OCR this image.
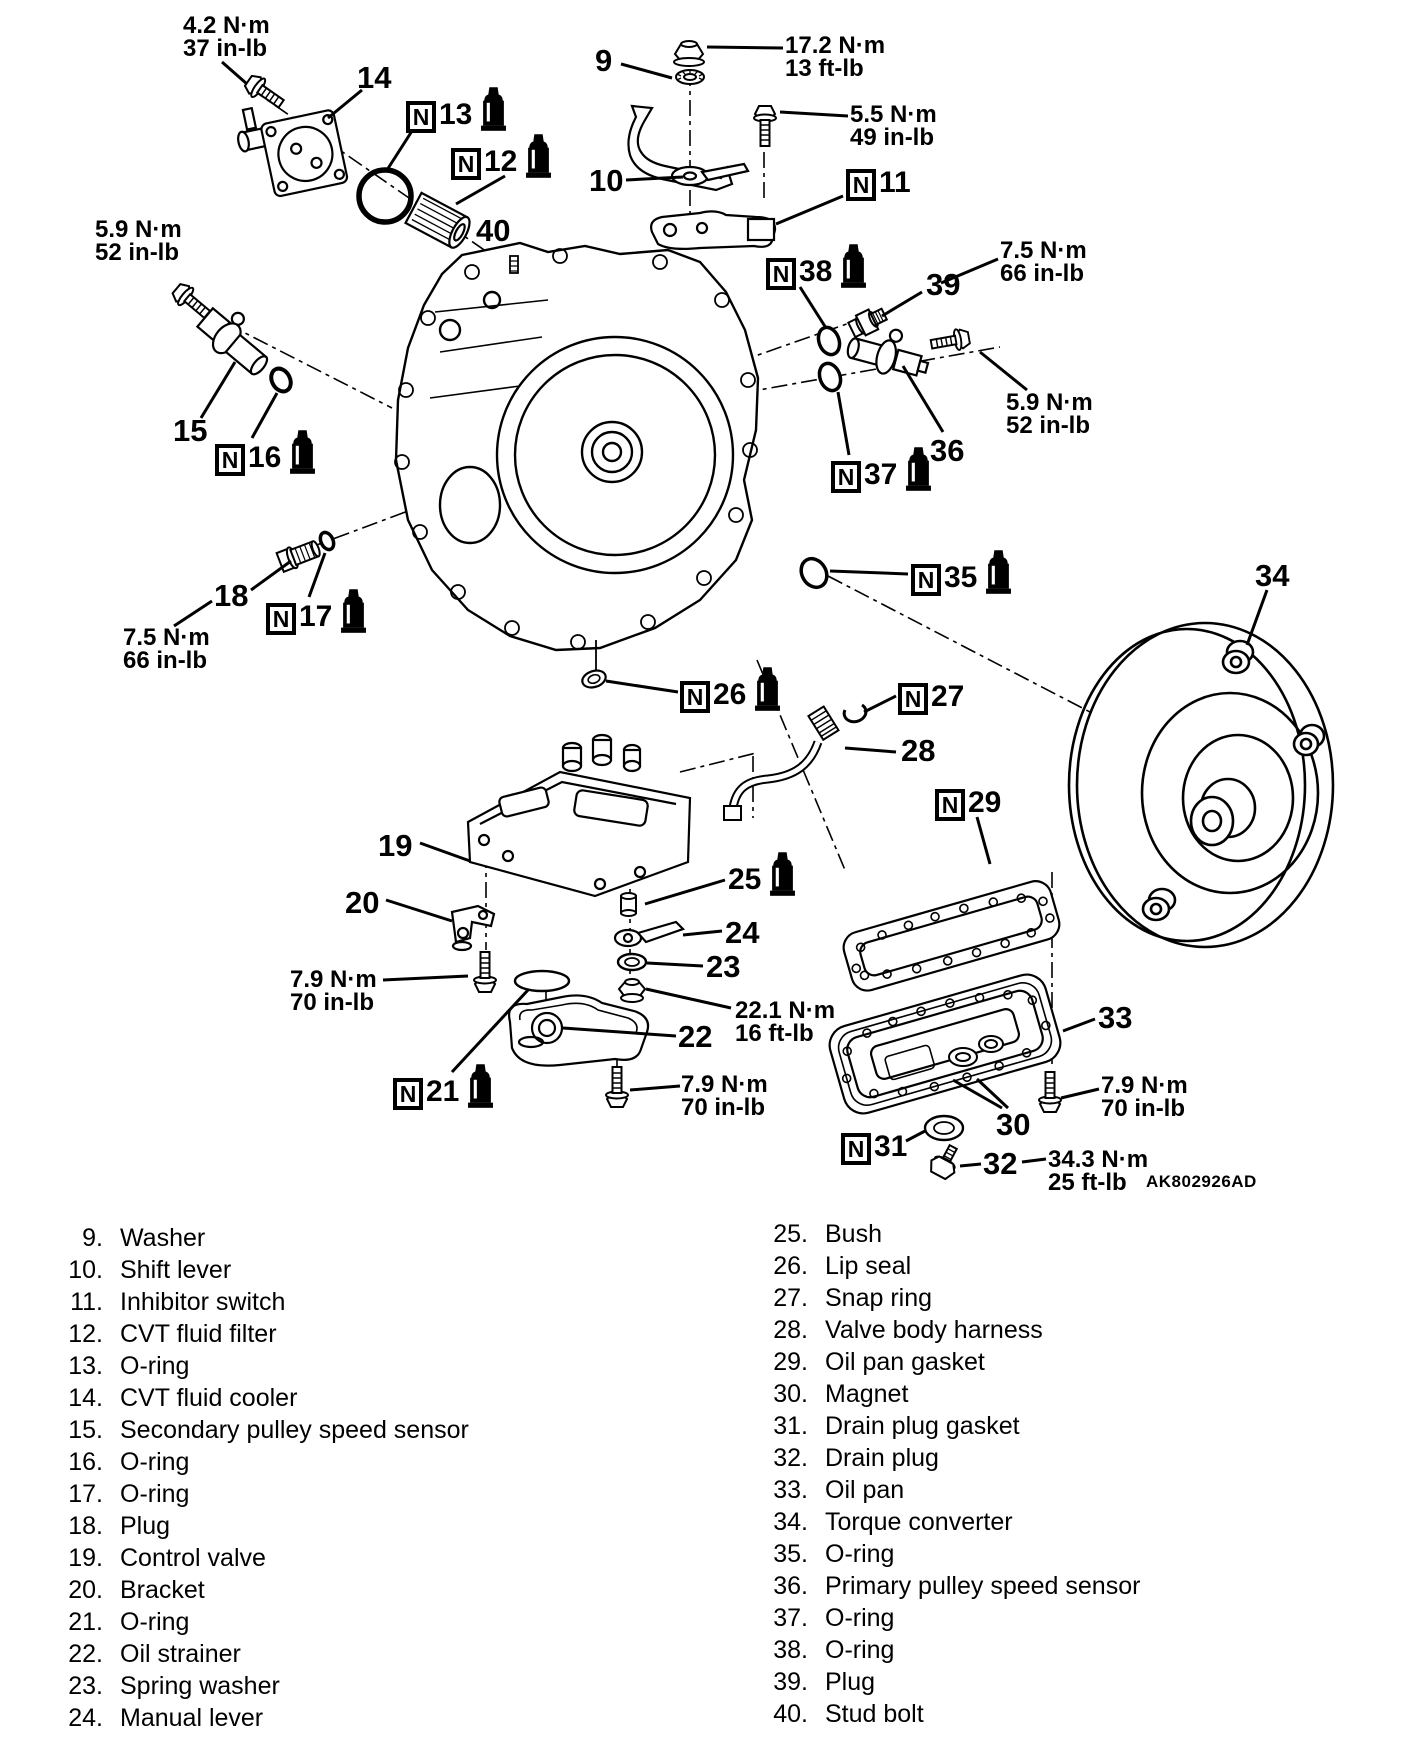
4.2 N·m
37 in-lb	17.2 N·m
13 ft-lb
5.5 N·m
49 in-lb
5.9 N·m
52 in-lb	7.5 N·m
66 in-lb
5.9 N·m
52 in-lb
7.5 N·m
66 in-lb
7.9 N·m
70 in-lb	22.1 N·m
16 ft-lb
7.9 N·m
70 in-lb
7.9 N·m
70 in-lb
34.3 N·m
25 ft-lb
14	9
10
40
39
36
15
18
34
28
19
20
24
23
22
33
30
32
25
N 13
N 12
N 11
N 38
N 16
N 37
N 17
N 35
N 26	N 27
N 29
N 21
N 31
AK802926AD
9. Washer
10. Shift lever
11. Inhibitor switch
12. CVT fluid filter
13. O-ring
14. CVT fluid cooler
15. Secondary pulley speed sensor
16. O-ring
17. O-ring
18. Plug
19. Control valve
20. Bracket
21. O-ring
22. Oil strainer
23. Spring washer
24. Manual lever
25. Bush
26. Lip seal
27. Snap ring
28. Valve body harness
29. Oil pan gasket
30. Magnet
31. Drain plug gasket
32. Drain plug
33. Oil pan
34. Torque converter
35. O-ring
36. Primary pulley speed sensor
37. O-ring
38. O-ring
39. Plug
40. Stud bolt
